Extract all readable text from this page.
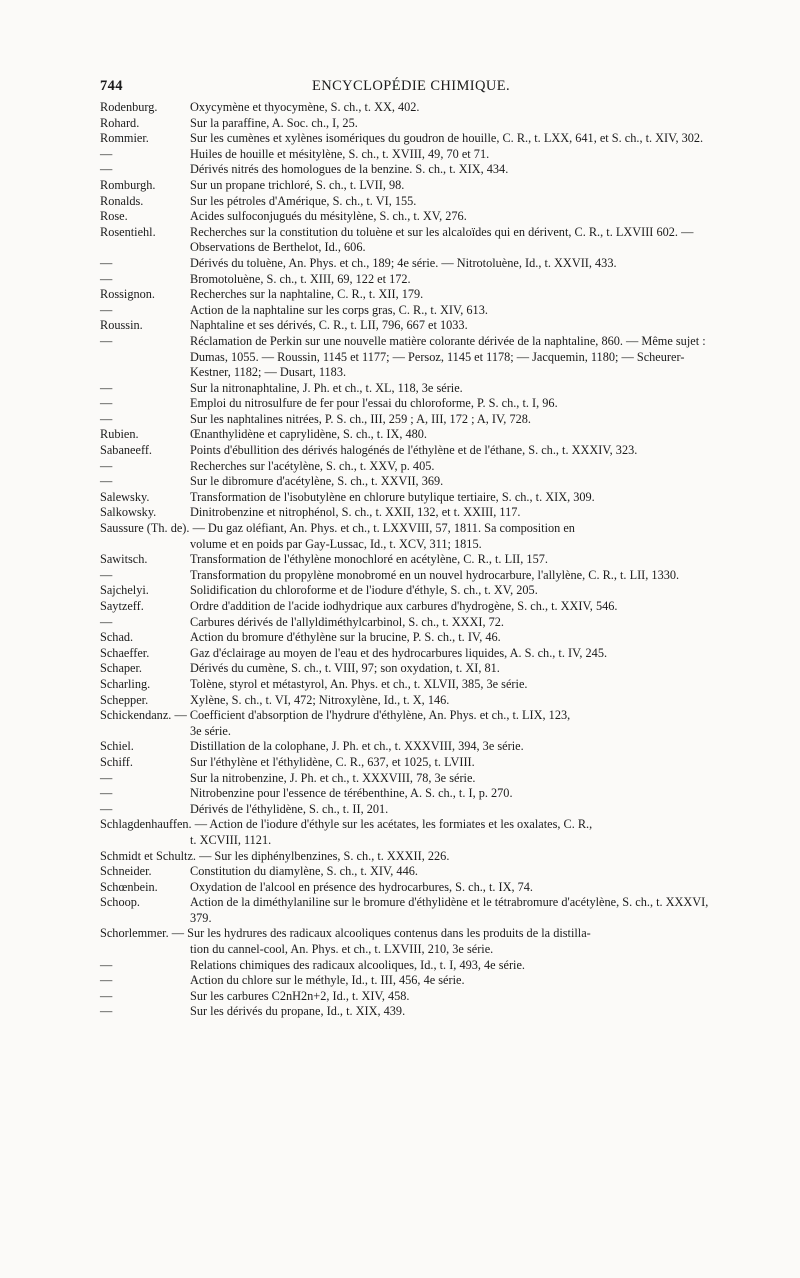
744	ENCYCLOPÉDIE CHIMIQUE.
Rodenburg.	Oxycymène et thyocymène, S. ch., t. XX, 402.
Rohard.	Sur la paraffine, A. Soc. ch., I, 25.
Rommier.	Sur les cumènes et xylènes isomériques du goudron de houille, C. R., t. LXX, 641, et S. ch., t. XIV, 302.
—	Huiles de houille et mésitylène, S. ch., t. XVIII, 49, 70 et 71.
—	Dérivés nitrés des homologues de la benzine. S. ch., t. XIX, 434.
Romburgh.	Sur un propane trichloré, S. ch., t. LVII, 98.
Ronalds.	Sur les pétroles d'Amérique, S. ch., t. VI, 155.
Rose.	Acides sulfoconjugués du mésitylène, S. ch., t. XV, 276.
Rosentiehl.	Recherches sur la constitution du toluène et sur les alcaloïdes qui en dérivent, C. R., t. LXVIII 602. — Observations de Berthelot, Id., 606.
—	Dérivés du toluène, An. Phys. et ch., 189; 4e série. — Nitrotoluène, Id., t. XXVII, 433.
—	Bromotoluène, S. ch., t. XIII, 69, 122 et 172.
Rossignon.	Recherches sur la naphtaline, C. R., t. XII, 179.
—	Action de la naphtaline sur les corps gras, C. R., t. XIV, 613.
Roussin.	Naphtaline et ses dérivés, C. R., t. LII, 796, 667 et 1033.
—	Réclamation de Perkin sur une nouvelle matière colorante dérivée de la naphtaline, 860. — Même sujet : Dumas, 1055. — Roussin, 1145 et 1177; — Persoz, 1145 et 1178; — Jacquemin, 1180; — Scheurer-Kestner, 1182; — Dusart, 1183.
—	Sur la nitronaphtaline, J. Ph. et ch., t. XL, 118, 3e série.
—	Emploi du nitrosulfure de fer pour l'essai du chloroforme, P. S. ch., t. I, 96.
—	Sur les naphtalines nitrées, P. S. ch., III, 259 ; A, III, 172 ; A, IV, 728.
Rubien.	Œnanthylidène et caprylidène, S. ch., t. IX, 480.
Sabaneeff.	Points d'ébullition des dérivés halogénés de l'éthylène et de l'éthane, S. ch., t. XXXIV, 323.
—	Recherches sur l'acétylène, S. ch., t. XXV, p. 405.
—	Sur le dibromure d'acétylène, S. ch., t. XXVII, 369.
Salewsky.	Transformation de l'isobutylène en chlorure butylique tertiaire, S. ch., t. XIX, 309.
Salkowsky.	Dinitrobenzine et nitrophénol, S. ch., t. XXII, 132, et t. XXIII, 117.
Saussure (Th. de). — Du gaz oléfiant, An. Phys. et ch., t. LXXVIII, 57, 1811. Sa composition en
volume et en poids par Gay-Lussac, Id., t. XCV, 311; 1815.
Sawitsch.	Transformation de l'éthylène monochloré en acétylène, C. R., t. LII, 157.
—	Transformation du propylène monobromé en un nouvel hydrocarbure, l'allylène, C. R., t. LII, 1330.
Sajchelyi.	Solidification du chloroforme et de l'iodure d'éthyle, S. ch., t. XV, 205.
Saytzeff.	Ordre d'addition de l'acide iodhydrique aux carbures d'hydrogène, S. ch., t. XXIV, 546.
—	Carbures dérivés de l'allyldiméthylcarbinol, S. ch., t. XXXI, 72.
Schad.	Action du bromure d'éthylène sur la brucine, P. S. ch., t. IV, 46.
Schaeffer.	Gaz d'éclairage au moyen de l'eau et des hydrocarbures liquides, A. S. ch., t. IV, 245.
Schaper.	Dérivés du cumène, S. ch., t. VIII, 97; son oxydation, t. XI, 81.
Scharling.	Tolène, styrol et métastyrol, An. Phys. et ch., t. XLVII, 385, 3e série.
Schepper.	Xylène, S. ch., t. VI, 472; Nitroxylène, Id., t. X, 146.
Schickendanz. — Coefficient d'absorption de l'hydrure d'éthylène, An. Phys. et ch., t. LIX, 123,
3e série.
Schiel.	Distillation de la colophane, J. Ph. et ch., t. XXXVIII, 394, 3e série.
Schiff.	Sur l'éthylène et l'éthylidène, C. R., 637, et 1025, t. LVIII.
—	Sur la nitrobenzine, J. Ph. et ch., t. XXXVIII, 78, 3e série.
—	Nitrobenzine pour l'essence de térébenthine, A. S. ch., t. I, p. 270.
—	Dérivés de l'éthylidène, S. ch., t. II, 201.
Schlagdenhauffen. — Action de l'iodure d'éthyle sur les acétates, les formiates et les oxalates, C. R.,
t. XCVIII, 1121.
Schmidt et Schultz. — Sur les diphénylbenzines, S. ch., t. XXXII, 226.
Schneider.	Constitution du diamylène, S. ch., t. XIV, 446.
Schœnbein.	Oxydation de l'alcool en présence des hydrocarbures, S. ch., t. IX, 74.
Schoop.	Action de la diméthylaniline sur le bromure d'éthylidène et le tétrabromure d'acétylène, S. ch., t. XXXVI, 379.
Schorlemmer. — Sur les hydrures des radicaux alcooliques contenus dans les produits de la distilla-
tion du cannel-cool, An. Phys. et ch., t. LXVIII, 210, 3e série.
—	Relations chimiques des radicaux alcooliques, Id., t. I, 493, 4e série.
—	Action du chlore sur le méthyle, Id., t. III, 456, 4e série.
—	Sur les carbures C2nH2n+2, Id., t. XIV, 458.
—	Sur les dérivés du propane, Id., t. XIX, 439.
